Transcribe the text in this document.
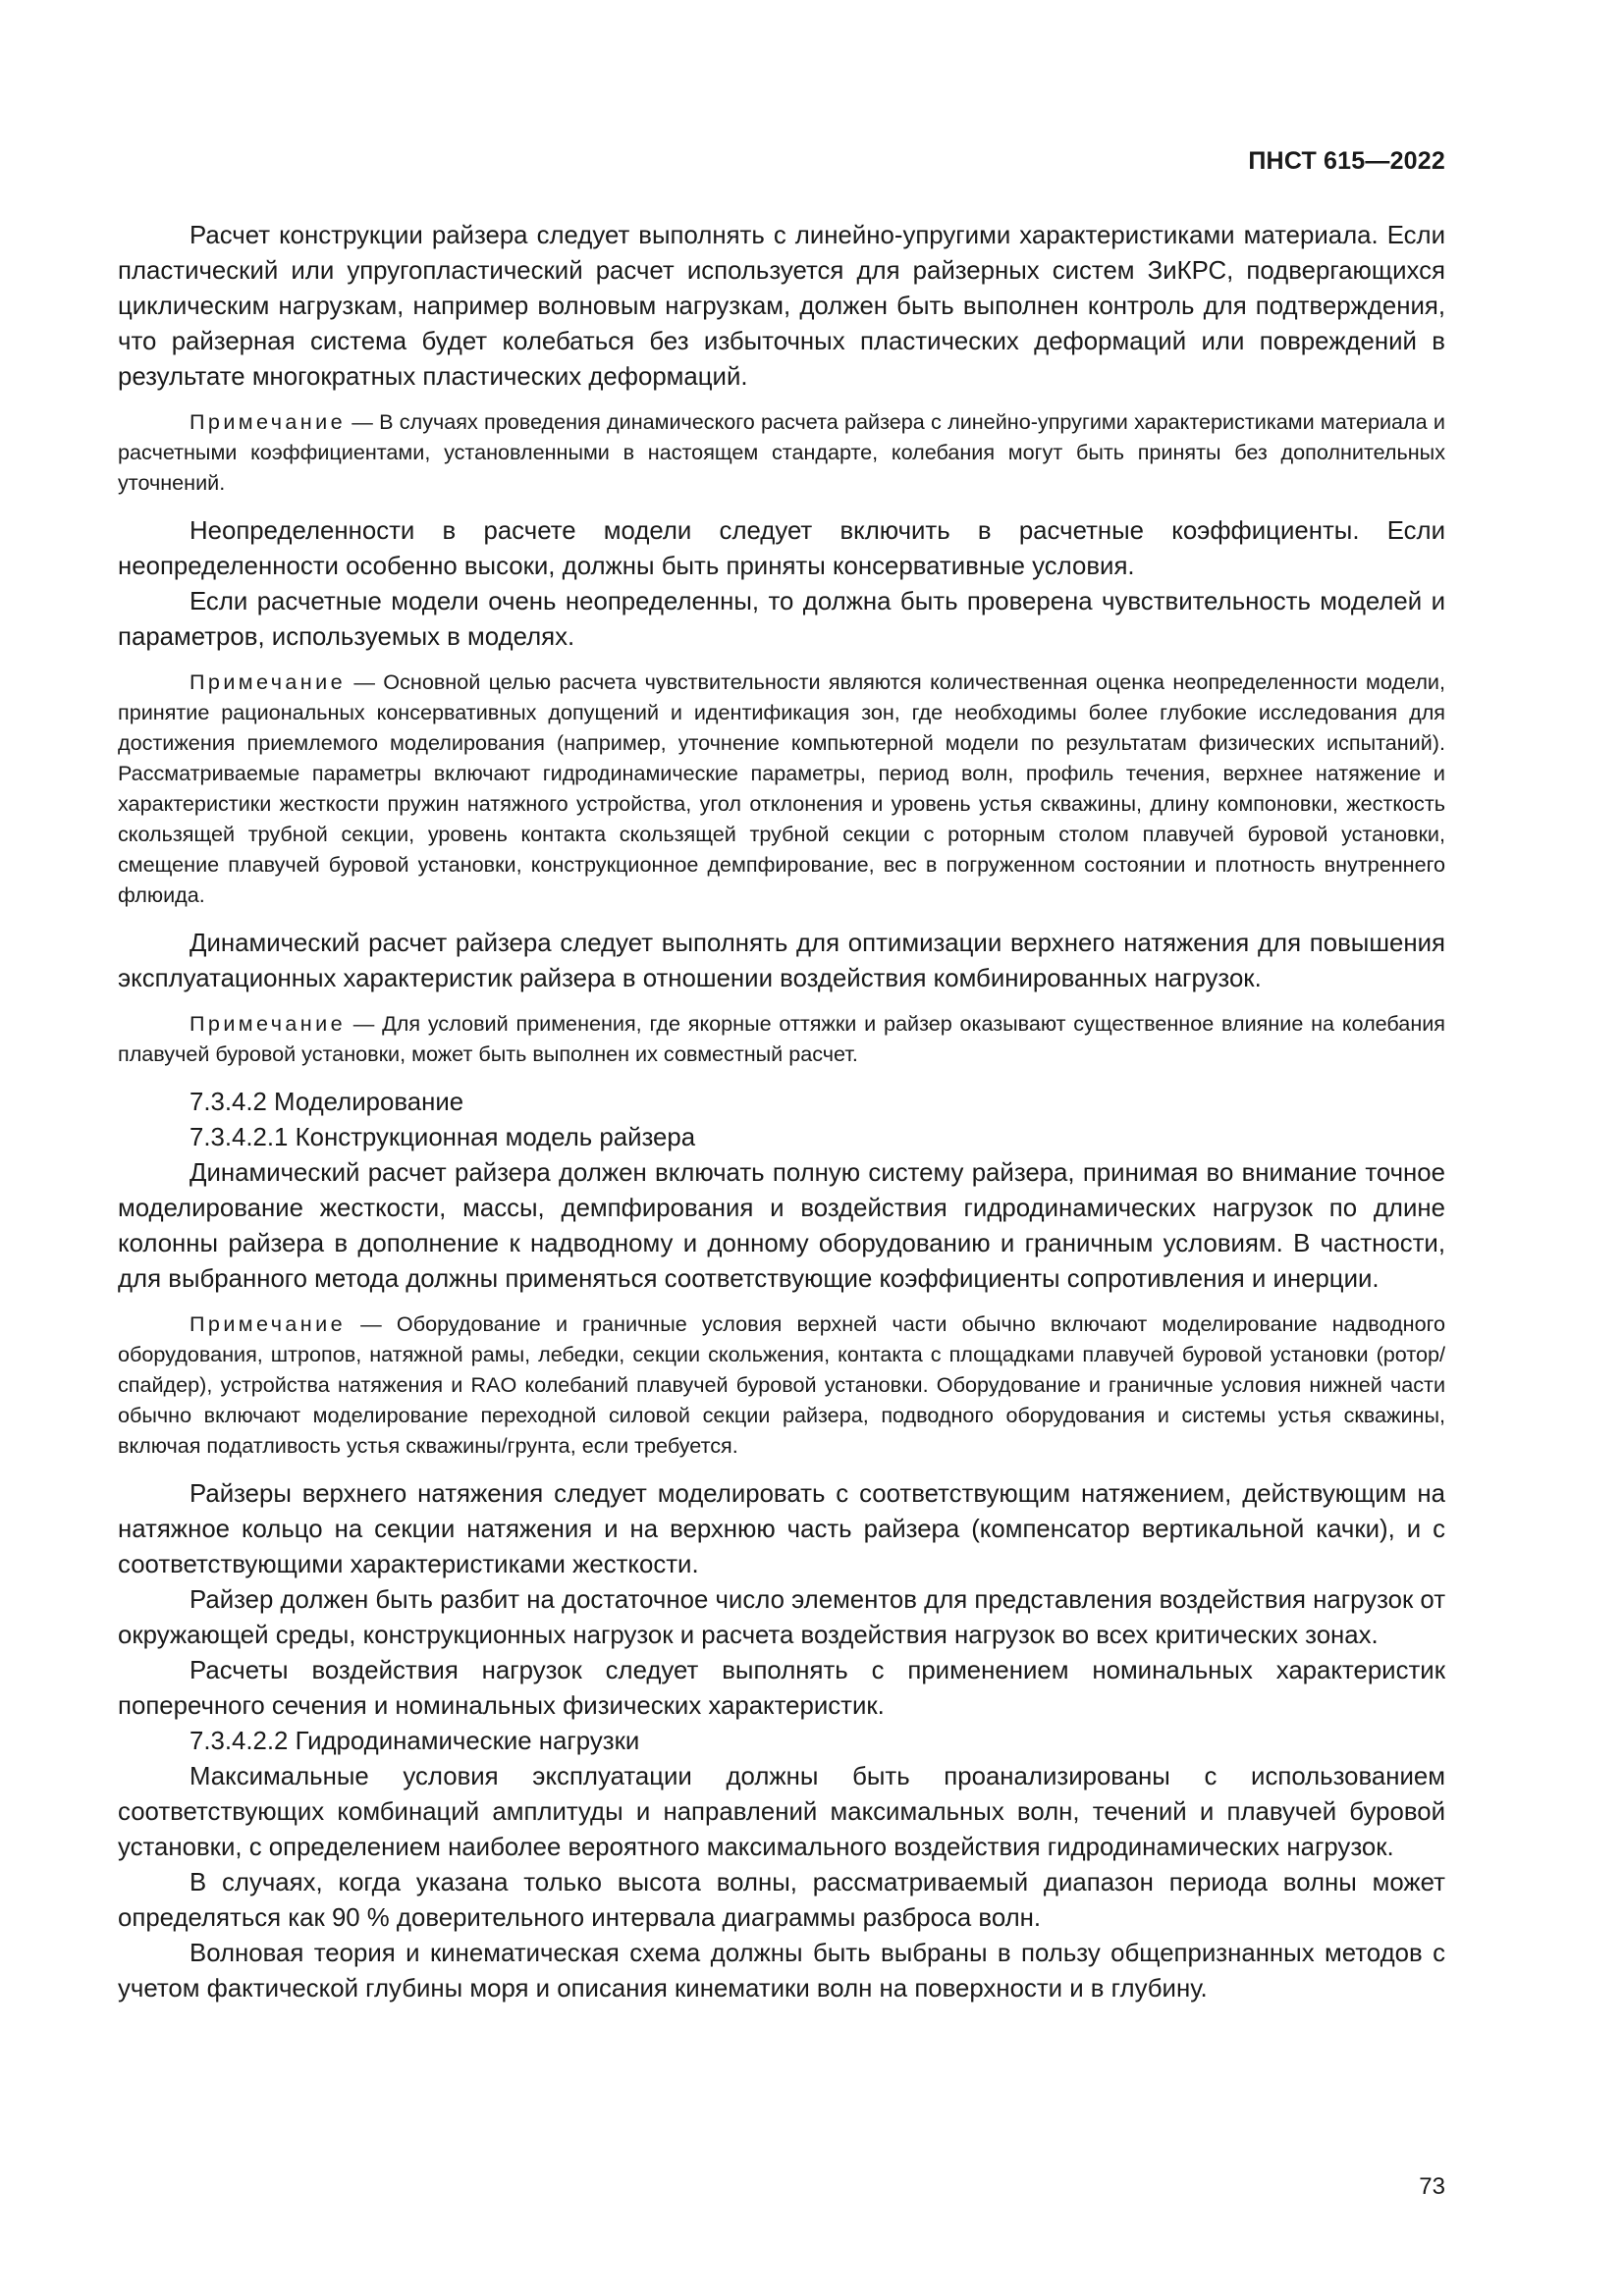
ПНСТ 615—2022

Расчет конструкции райзера следует выполнять с линейно-упругими характеристиками материала. Если пластический или упругопластический расчет используется для райзерных систем ЗиКРС, подвергающихся циклическим нагрузкам, например волновым нагрузкам, должен быть выполнен контроль для подтверждения, что райзерная система будет колебаться без избыточных пластических деформаций или повреждений в результате многократных пластических деформаций.

Примечание — В случаях проведения динамического расчета райзера с линейно-упругими характеристиками материала и расчетными коэффициентами, установленными в настоящем стандарте, колебания могут быть приняты без дополнительных уточнений.

Неопределенности в расчете модели следует включить в расчетные коэффициенты. Если неопределенности особенно высоки, должны быть приняты консервативные условия.

Если расчетные модели очень неопределенны, то должна быть проверена чувствительность моделей и параметров, используемых в моделях.

Примечание — Основной целью расчета чувствительности являются количественная оценка неопределенности модели, принятие рациональных консервативных допущений и идентификация зон, где необходимы более глубокие исследования для достижения приемлемого моделирования (например, уточнение компьютерной модели по результатам физических испытаний). Рассматриваемые параметры включают гидродинамические параметры, период волн, профиль течения, верхнее натяжение и характеристики жесткости пружин натяжного устройства, угол отклонения и уровень устья скважины, длину компоновки, жесткость скользящей трубной секции, уровень контакта скользящей трубной секции с роторным столом плавучей буровой установки, смещение плавучей буровой установки, конструкционное демпфирование, вес в погруженном состоянии и плотность внутреннего флюида.

Динамический расчет райзера следует выполнять для оптимизации верхнего натяжения для повышения эксплуатационных характеристик райзера в отношении воздействия комбинированных нагрузок.

Примечание — Для условий применения, где якорные оттяжки и райзер оказывают существенное влияние на колебания плавучей буровой установки, может быть выполнен их совместный расчет.

7.3.4.2 Моделирование

7.3.4.2.1 Конструкционная модель райзера

Динамический расчет райзера должен включать полную систему райзера, принимая во внимание точное моделирование жесткости, массы, демпфирования и воздействия гидродинамических нагрузок по длине колонны райзера в дополнение к надводному и донному оборудованию и граничным условиям. В частности, для выбранного метода должны применяться соответствующие коэффициенты сопротивления и инерции.

Примечание — Оборудование и граничные условия верхней части обычно включают моделирование надводного оборудования, штропов, натяжной рамы, лебедки, секции скольжения, контакта с площадками плавучей буровой установки (ротор/спайдер), устройства натяжения и RAO колебаний плавучей буровой установки. Оборудование и граничные условия нижней части обычно включают моделирование переходной силовой секции райзера, подводного оборудования и системы устья скважины, включая податливость устья скважины/грунта, если требуется.

Райзеры верхнего натяжения следует моделировать с соответствующим натяжением, действующим на натяжное кольцо на секции натяжения и на верхнюю часть райзера (компенсатор вертикальной качки), и с соответствующими характеристиками жесткости.

Райзер должен быть разбит на достаточное число элементов для представления воздействия нагрузок от окружающей среды, конструкционных нагрузок и расчета воздействия нагрузок во всех критических зонах.

Расчеты воздействия нагрузок следует выполнять с применением номинальных характеристик поперечного сечения и номинальных физических характеристик.

7.3.4.2.2 Гидродинамические нагрузки

Максимальные условия эксплуатации должны быть проанализированы с использованием соответствующих комбинаций амплитуды и направлений максимальных волн, течений и плавучей буровой установки, с определением наиболее вероятного максимального воздействия гидродинамических нагрузок.

В случаях, когда указана только высота волны, рассматриваемый диапазон периода волны может определяться как 90 % доверительного интервала диаграммы разброса волн.

Волновая теория и кинематическая схема должны быть выбраны в пользу общепризнанных методов с учетом фактической глубины моря и описания кинематики волн на поверхности и в глубину.

73
